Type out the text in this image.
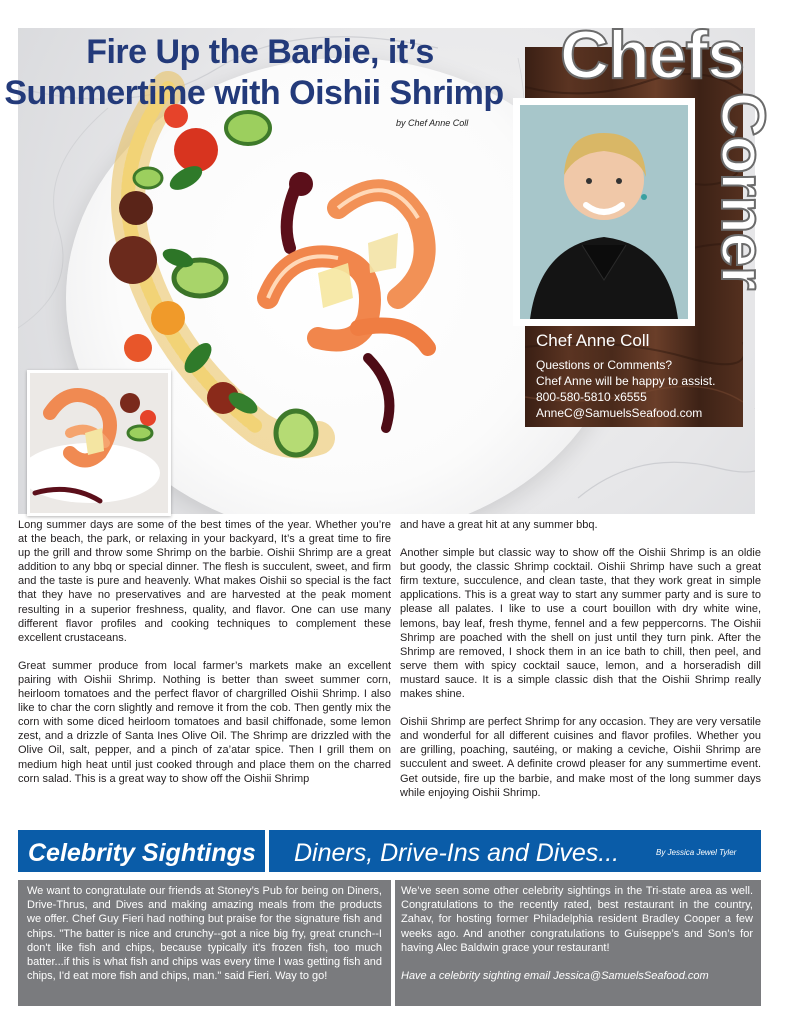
Fire Up the Barbie, it’s
Summertime with Oishii Shrimp
by Chef Anne Coll
Chefs
Corner
Chef Anne Coll
Questions or Comments?
Chef Anne will be happy to assist.
800-580-5810 x6555
AnneC@SamuelsSeafood.com

Long summer days are some of the best times of the year. Whether you’re at the beach, the park, or relaxing in your backyard, It’s a great time to fire up the grill and throw some Shrimp on the barbie. Oishii Shrimp are a great addition to any bbq or special dinner. The flesh is succulent, sweet, and firm and the taste is pure and heavenly. What makes Oishii so special is the fact that they have no preservatives and are harvested at the peak moment resulting in a superior freshness, quality, and flavor. One can use many different flavor profiles and cooking techniques to complement these excellent crustaceans.

Great summer produce from local farmer’s markets make an excellent pairing with Oishii Shrimp. Nothing is better than sweet summer corn, heirloom tomatoes and the perfect flavor of chargrilled Oishii Shrimp. I also like to char the corn slightly and remove it from the cob. Then gently mix the corn with some diced heirloom tomatoes and basil chiffonade, some lemon zest, and a drizzle of Santa Ines Olive Oil. The Shrimp are drizzled with the Olive Oil, salt, pepper, and a pinch of za’atar spice. Then I grill them on medium high heat until just cooked through and place them on the charred corn salad. This is a great way to show off the Oishii Shrimp

and have a great hit at any summer bbq.

Another simple but classic way to show off the Oishii Shrimp is an oldie but goody, the classic Shrimp cocktail. Oishii Shrimp have such a great firm texture, succulence, and clean taste, that they work great in simple applications. This is a great way to start any summer party and is sure to please all palates. I like to use a court bouillon with dry white wine, lemons, bay leaf, fresh thyme, fennel and a few peppercorns. The Oishii Shrimp are poached with the shell on just until they turn pink. After the Shrimp are removed, I shock them in an ice bath to chill, then peel, and serve them with spicy cocktail sauce, lemon, and a horseradish dill mustard sauce. It is a simple classic dish that the Oishii Shrimp really makes shine.

Oishii Shrimp are perfect Shrimp for any occasion. They are very versatile and wonderful for all different cuisines and flavor profiles. Whether you are grilling, poaching, sautéing, or making a ceviche, Oishii Shrimp are succulent and sweet. A definite crowd pleaser for any summertime event. Get outside, fire up the barbie, and make most of the long summer days while enjoying Oishii Shrimp.

Celebrity Sightings Diners, Drive-Ins and Dives...	By Jessica Jewel Tyler

We want to congratulate our friends at Stoney’s Pub for being on Diners, Drive-Thrus, and Dives and making amazing meals from the products we offer. Chef Guy Fieri had nothing but praise for the signature fish and chips. "The batter is nice and crunchy--got a nice big fry, great crunch--I don't like fish and chips, because typically it's frozen fish, too much batter...if this is what fish and chips was every time I was getting fish and chips, I'd eat more fish and chips, man." said Fieri. Way to go!

We’ve seen some other celebrity sightings in the Tri-state area as well. Congratulations to the recently rated, best restaurant in the country, Zahav, for hosting former Philadelphia resident Bradley Cooper a few weeks ago. And another congratulations to Guiseppe’s and Son’s for having Alec Baldwin grace your restaurant!

Have a celebrity sighting email Jessica@SamuelsSeafood.com
